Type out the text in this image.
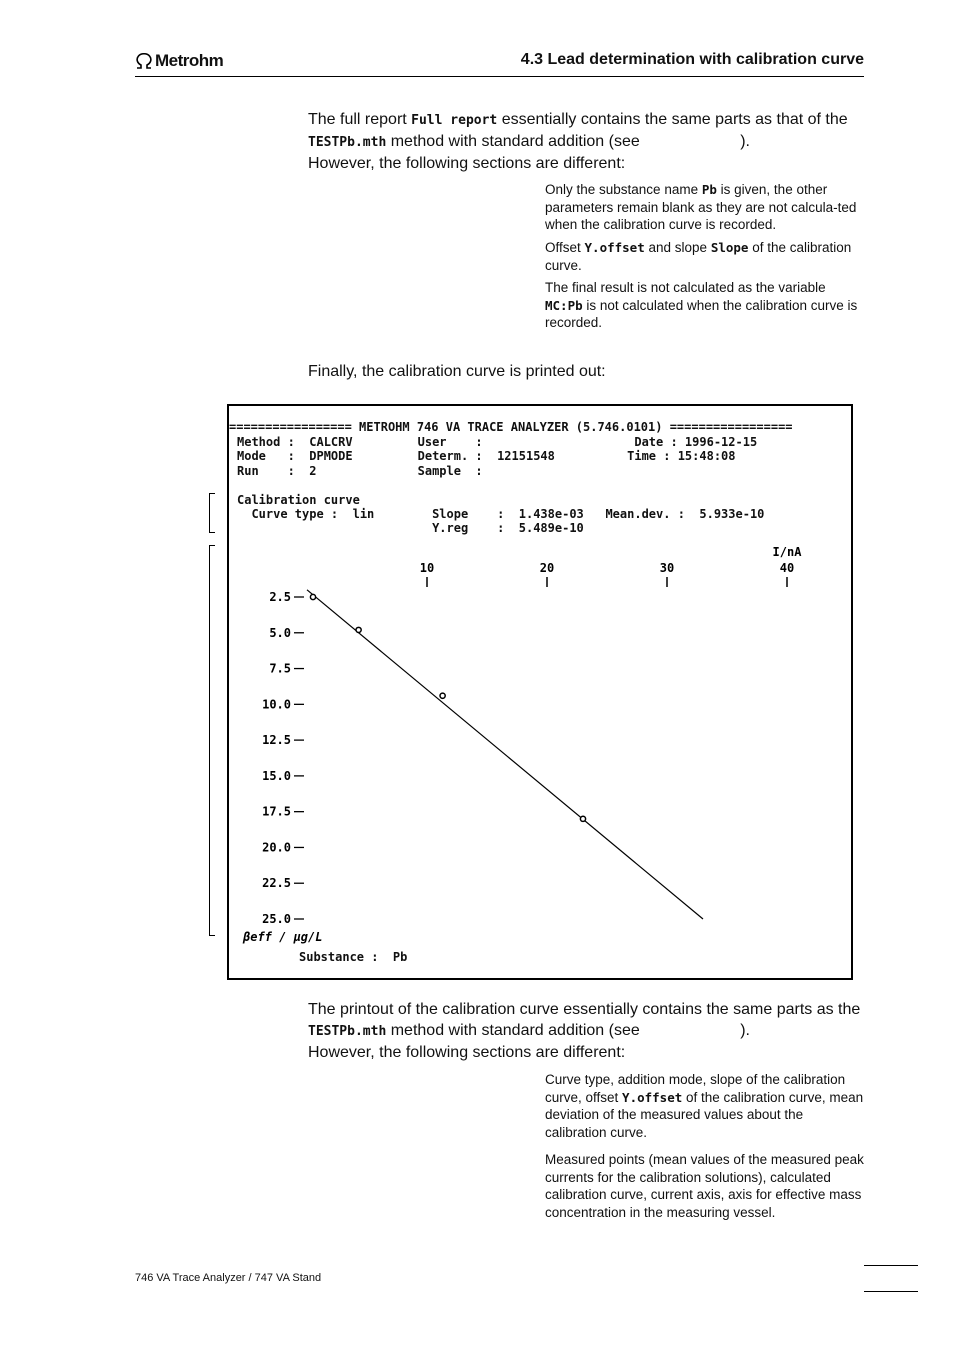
Metrohm	4.3 Lead determination with calibration curve
The full report Full report essentially contains the same parts as that of the TESTPb.mth method with standard addition (see	).
However, the following sections are different:
Only the substance name Pb is given, the other parameters remain blank as they are not calcula-ted when the calibration curve is recorded.
Offset Y.offset and slope Slope of the calibration curve.
The final result is not calculated as the variable MC:Pb is not calculated when the calibration curve is recorded.
Finally, the calibration curve is printed out:
================= METROHM 746 VA TRACE ANALYZER (5.746.0101) =================
Method :  CALCRV         User    :                     Date : 1996-12-15
Mode   :  DPMODE         Determ. :  12151548          Time : 15:48:08
Run    :  2              Sample  :
Calibration curve
Curve type :  lin        Slope    :  1.438e-03   Mean.dev. :  5.933e-10
Y.reg    :  5.489e-10
I/nA
10	20	30	40
2.5
5.0
7.5
10.0
12.5
15.0
17.5
20.0
22.5
25.0
βeff / µg/L
Substance :  Pb
The printout of the calibration curve essentially contains the same parts as the TESTPb.mth method with standard addition (see	).
However, the following sections are different:
Curve type, addition mode, slope of the calibration curve, offset Y.offset of the calibration curve, mean deviation of the measured values about the calibration curve.
Measured points (mean values of the measured peak currents for the calibration solutions), calculated calibration curve, current axis, axis for effective mass concentration in the measuring vessel.
746 VA Trace Analyzer / 747 VA Stand
